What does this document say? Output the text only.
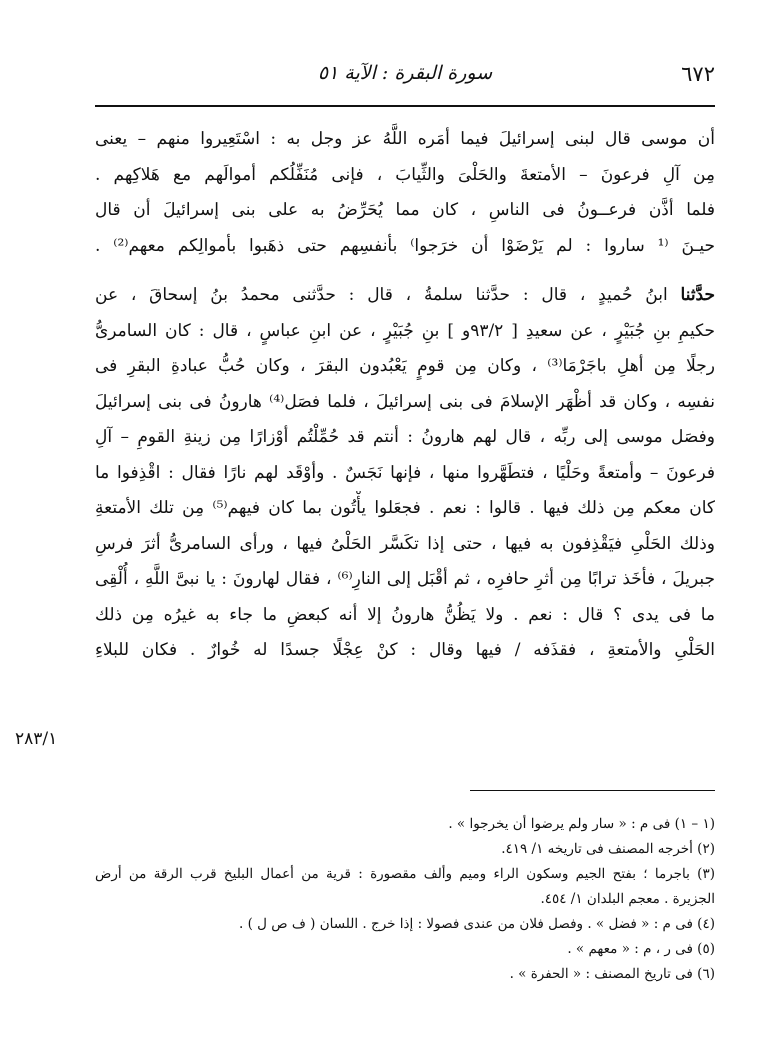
٦٧٢
سورة البقرة : الآية ٥١
أن موسى قال لبنى إسرائيلَ فيما أمَره اللَّهُ عز وجل به : اسْتَعِيروا منهم – يعنى
مِن آلِ فرعونَ – الأمتعةَ والحَلْىَ والثِّيابَ ، فإنى مُنَفِّلُكم أموالَهم مع هَلاكِهم .
فلما أذَّن فرعــونُ فى الناسِ ، كان مما يُحَرِّضُ به على بنى إسرائيلَ أن قال
حيـنَ ⁽¹ ساروا : لم يَرْضَوْا أن خرَجوا⁾ بأنفسِهم حتى ذهَبوا بأموالِكم معهم⁽²⁾ .
حدَّثنا ابنُ حُميدٍ ، قال : حدَّثنا سلمةُ ، قال : حدَّثنى محمدُ بنُ إسحاقَ ، عن
حكيمِ بنِ جُبَيْرٍ ، عن سعيدِ [ ٩٣/٢و ] بنِ جُبَيْرٍ ، عن ابنِ عباسٍ ، قال : كان السامرىُّ
رجلًا مِن أهلِ باجَرْمَا⁽³⁾ ، وكان مِن قومٍ يَعْبُدون البقرَ ، وكان حُبُّ عبادةِ البقرِ فى
نفسِه ، وكان قد أظْهَر الإسلامَ فى بنى إسرائيلَ ، فلما فصَل⁽⁴⁾ هارونُ فى بنى إسرائيلَ
وفصَل موسى إلى ربِّه ، قال لهم هارونُ : أنتم قد حُمِّلْتُم أوْزارًا مِن زينةِ القومِ – آلِ
فرعونَ – وأمتعةً وحَلْيًا ، فتطَهَّروا منها ، فإنها نَجَسٌ . وأوْقَد لهم نارًا فقال : اقْذِفوا ما
كان معكم مِن ذلك فيها . قالوا : نعم . فجعَلوا يأْتُون بما كان فيهم⁽⁵⁾ مِن تلك الأمتعةِ
وذلك الحَلْىِ فيَقْذِفون به فيها ، حتى إذا تكَسَّر الحَلْىُ فيها ، ورأى السامرىُّ أثرَ فرسِ
جبريلَ ، فأخَذ ترابًا مِن أثرِ حافرِه ، ثم أقْبَل إلى النارِ⁽⁶⁾ ، فقال لهارونَ : يا نبىَّ اللَّهِ ، أُلْقِى
ما فى يدى ؟ قال : نعم . ولا يَظُنُّ هارونُ إلا أنه كبعضِ ما جاء به غيرُه مِن ذلك
الحَلْىِ والأمتعةِ ، فقذَفه / فيها وقال : كنْ عِجْلًا جسدًا له خُوارٌ . فكان للبلاءِ
٢٨٣/١
(١ – ١) فى م : « سار ولم يرضوا أن يخرجوا » .
(٢) أخرجه المصنف فى تاريخه ١/ ٤١٩.
(٣) باجرما ؛ بفتح الجيم وسكون الراء وميم وألف مقصورة : قرية من أعمال البليخ قرب الرقة من أرض
الجزيرة . معجم البلدان ١/ ٤٥٤.
(٤) فى م : « فضل » . وفصل فلان من عندى فصولا : إذا خرج . اللسان ( ف ص ل ) .
(٥) فى ر ، م : « معهم » .
(٦) فى تاريخ المصنف : « الحفرة » .
